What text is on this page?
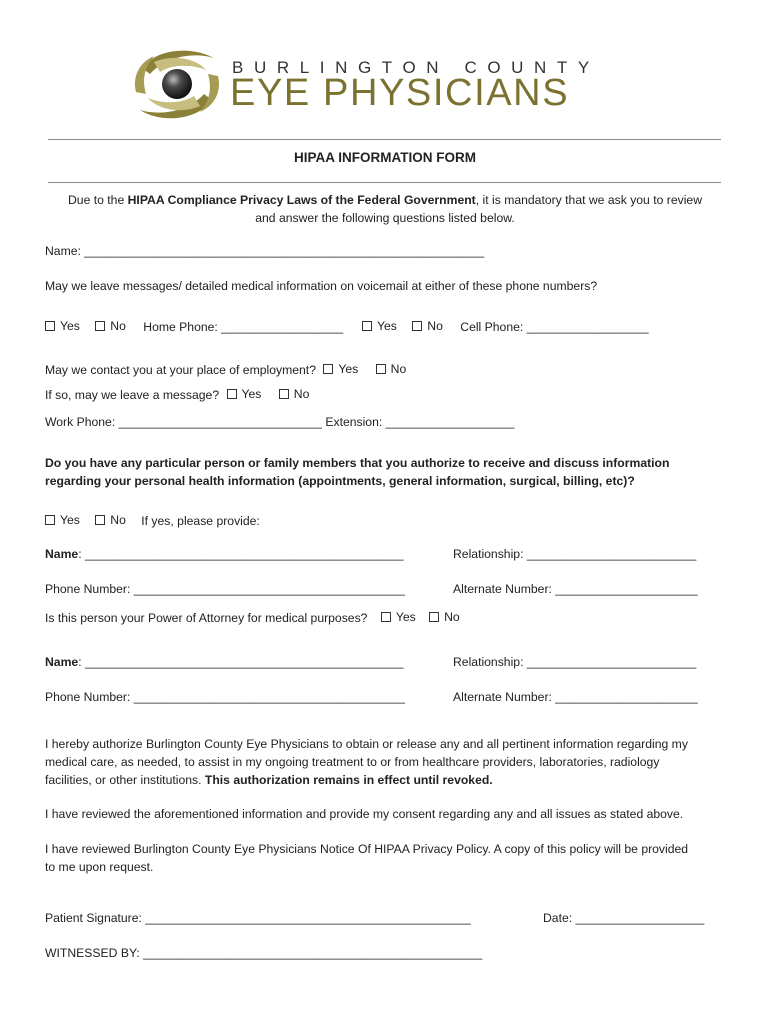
BURLINGTON COUNTY
EYE PHYSICIANS
HIPAA INFORMATION FORM
Due to the HIPAA Compliance Privacy Laws of the Federal Government, it is mandatory that we ask you to review
and answer the following questions listed below.
Name: ___________________________________________________________
May we leave messages/ detailed medical information on voicemail at either of these phone numbers?
Yes
No Home Phone: __________________	Yes
No Cell Phone: __________________
May we contact you at your place of employment? Yes
	No
If so, may we leave a message? Yes
	No
Work Phone: ______________________________ Extension: ___________________
Do you have any particular person or family members that you authorize to receive and discuss information
regarding your personal health information (appointments, general information, surgical, billing, etc)?
Yes
No If yes, please provide:
Name: _______________________________________________	Relationship: _________________________
Phone Number: ________________________________________	Alternate Number: _____________________
Is this person your Power of Attorney for medical purposes? Yes
No
Name: _______________________________________________	Relationship: _________________________
Phone Number: ________________________________________	Alternate Number: _____________________
I hereby authorize Burlington County Eye Physicians to obtain or release any and all pertinent information regarding my
medical care, as needed, to assist in my ongoing treatment to or from healthcare providers, laboratories, radiology
facilities, or other institutions. This authorization remains in effect until revoked.
I have reviewed the aforementioned information and provide my consent regarding any and all issues as stated above.
I have reviewed Burlington County Eye Physicians Notice Of HIPAA Privacy Policy. A copy of this policy will be provided
to me upon request.
Patient Signature: ________________________________________________	Date: ___________________
WITNESSED BY: __________________________________________________
